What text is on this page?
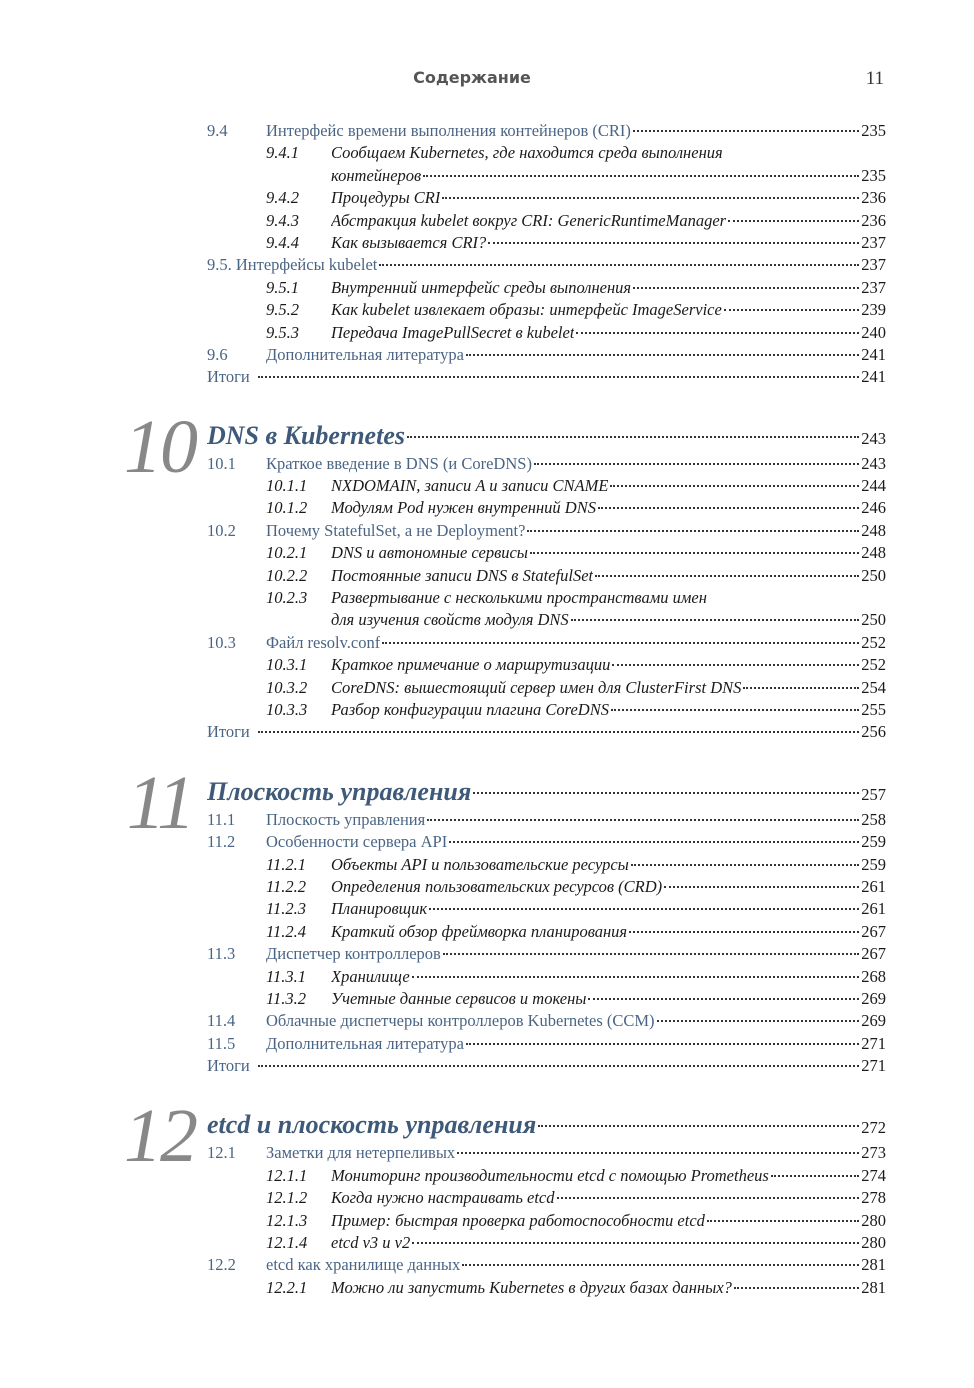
Содержание	11
9.4	Интерфейс времени выполнения контейнеров (CRI)	235
9.4.1	Сообщаем Kubernetes, где находится среда выполнения
контейнеров	235
9.4.2	Процедуры CRI	236
9.4.3	Абстракция kubelet вокруг CRI: GenericRuntimeManager	236
9.4.4	Как вызывается CRI?	237
9.5. Интерфейсы kubelet	237
9.5.1	Внутренний интерфейс среды выполнения	237
9.5.2	Как kubelet извлекает образы: интерфейс ImageService	239
9.5.3	Передача ImagePullSecret в kubelet	240
9.6	Дополнительная литература	241
Итоги	241
10 DNS в Kubernetes	243
10.1	Краткое введение в DNS (и CoreDNS)	243
10.1.1	NXDOMAIN, записи A и записи CNAME	244
10.1.2	Модулям Pod нужен внутренний DNS	246
10.2	Почему StatefulSet, а не Deployment?	248
10.2.1	DNS и автономные сервисы	248
10.2.2	Постоянные записи DNS в StatefulSet	250
10.2.3	Развертывание с несколькими пространствами имен
для изучения свойств модуля DNS	250
10.3	Файл resolv.conf	252
10.3.1	Краткое примечание о маршрутизации	252
10.3.2	CoreDNS: вышестоящий сервер имен для ClusterFirst DNS	254
10.3.3	Разбор конфигурации плагина CoreDNS	255
Итоги	256
11 Плоскость управления	257
11.1	Плоскость управления	258
11.2	Особенности сервера API	259
11.2.1	Объекты API и пользовательские ресурсы	259
11.2.2	Определения пользовательских ресурсов (CRD)	261
11.2.3	Планировщик	261
11.2.4	Краткий обзор фреймворка планирования	267
11.3	Диспетчер контроллеров	267
11.3.1	Хранилище	268
11.3.2	Учетные данные сервисов и токены	269
11.4	Облачные диспетчеры контроллеров Kubernetes (CCM)	269
11.5	Дополнительная литература	271
Итоги	271
12 etcd и плоскость управления	272
12.1	Заметки для нетерпеливых	273
12.1.1	Мониторинг производительности etcd с помощью Prometheus	274
12.1.2	Когда нужно настраивать etcd	278
12.1.3	Пример: быстрая проверка работоспособности etcd	280
12.1.4	etcd v3 и v2	280
12.2	etcd как хранилище данных	281
12.2.1	Можно ли запустить Kubernetes в других базах данных?	281
